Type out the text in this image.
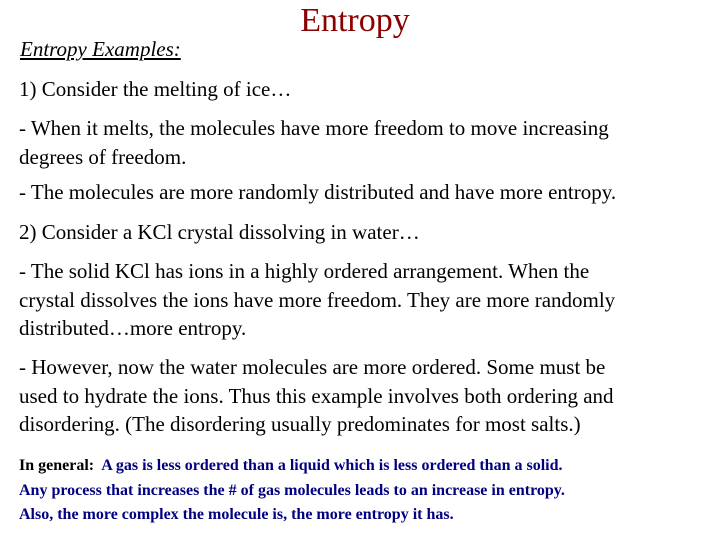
Entropy
Entropy Examples:
1) Consider the melting of ice…
- When it melts, the molecules have more freedom to move increasing
degrees of freedom.
- The molecules are more randomly distributed and have more entropy.
2) Consider a KCl crystal dissolving in water…
- The solid KCl has ions in a highly ordered arrangement. When the
crystal dissolves the ions have more freedom. They are more randomly
distributed…more entropy.
- However, now the water molecules are more ordered. Some must be
used to hydrate the ions. Thus this example involves both ordering and
disordering. (The disordering usually predominates for most salts.)
In general:  A gas is less ordered than a liquid which is less ordered than a solid.
Any process that increases the # of gas molecules leads to an increase in entropy.
Also, the more complex the molecule is, the more entropy it has.
